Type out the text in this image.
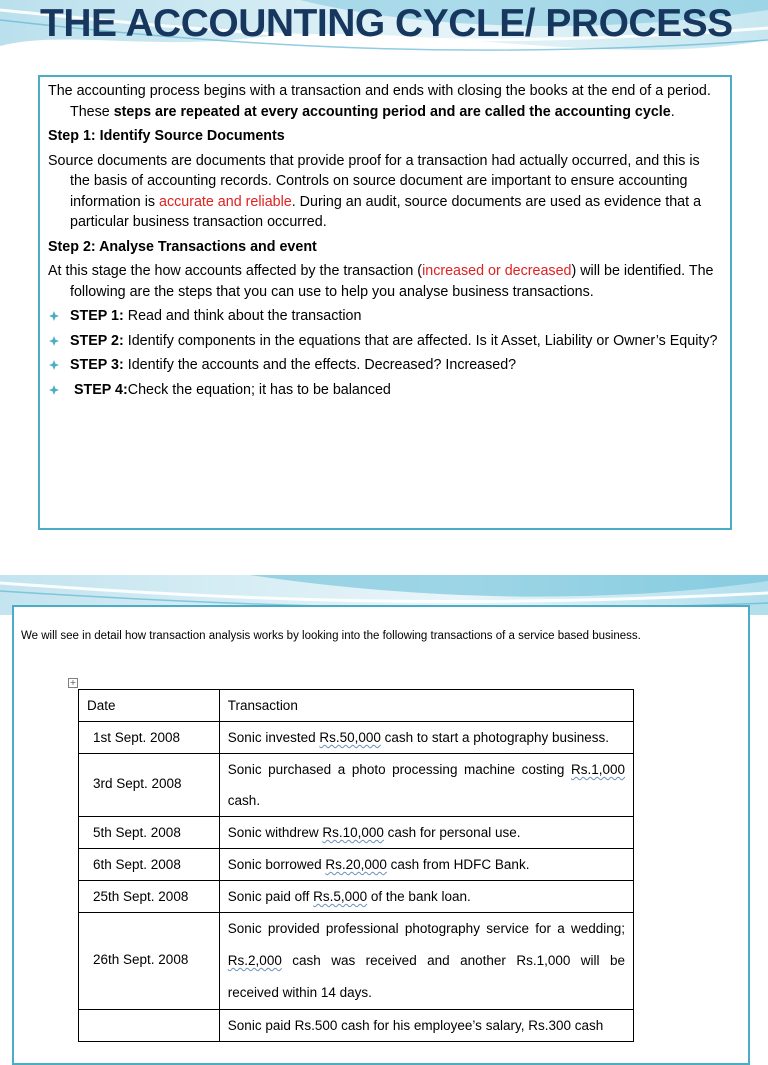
THE ACCOUNTING CYCLE/ PROCESS

The accounting process begins with a transaction and ends with closing the books at the end of a period. These steps are repeated at every accounting period and are called the accounting cycle.

Step 1: Identify Source Documents

Source documents are documents that provide proof for a transaction had actually occurred, and this is the basis of accounting records. Controls on source document are important to ensure accounting information is accurate and reliable. During an audit, source documents are used as evidence that a particular business transaction occurred.

Step 2: Analyse Transactions and event

At this stage the how accounts affected by the transaction (increased or decreased) will be identified. The following are the steps that you can use to help you analyse business transactions.

STEP 1: Read and think about the transaction
STEP 2: Identify components in the equations that are affected. Is it Asset, Liability or Owner’s Equity?
STEP 3: Identify the accounts and the effects. Decreased? Increased?
STEP 4:Check the equation; it has to be balanced

We will see in detail how transaction analysis works by looking into the following transactions of a service based business.

+
Date	Transaction
1st Sept. 2008	Sonic invested Rs.50,000 cash to start a photography business.
3rd Sept. 2008	Sonic purchased a photo processing machine costing Rs.1,000 cash.
5th Sept. 2008	Sonic withdrew Rs.10,000 cash for personal use.
6th Sept. 2008	Sonic borrowed Rs.20,000 cash from HDFC Bank.
25th Sept. 2008	Sonic paid off Rs.5,000 of the bank loan.
26th Sept. 2008	Sonic provided professional photography service for a wedding; Rs.2,000 cash was received and another Rs.1,000 will be received within 14 days.
	Sonic paid Rs.500 cash for his employee’s salary, Rs.300 cash
